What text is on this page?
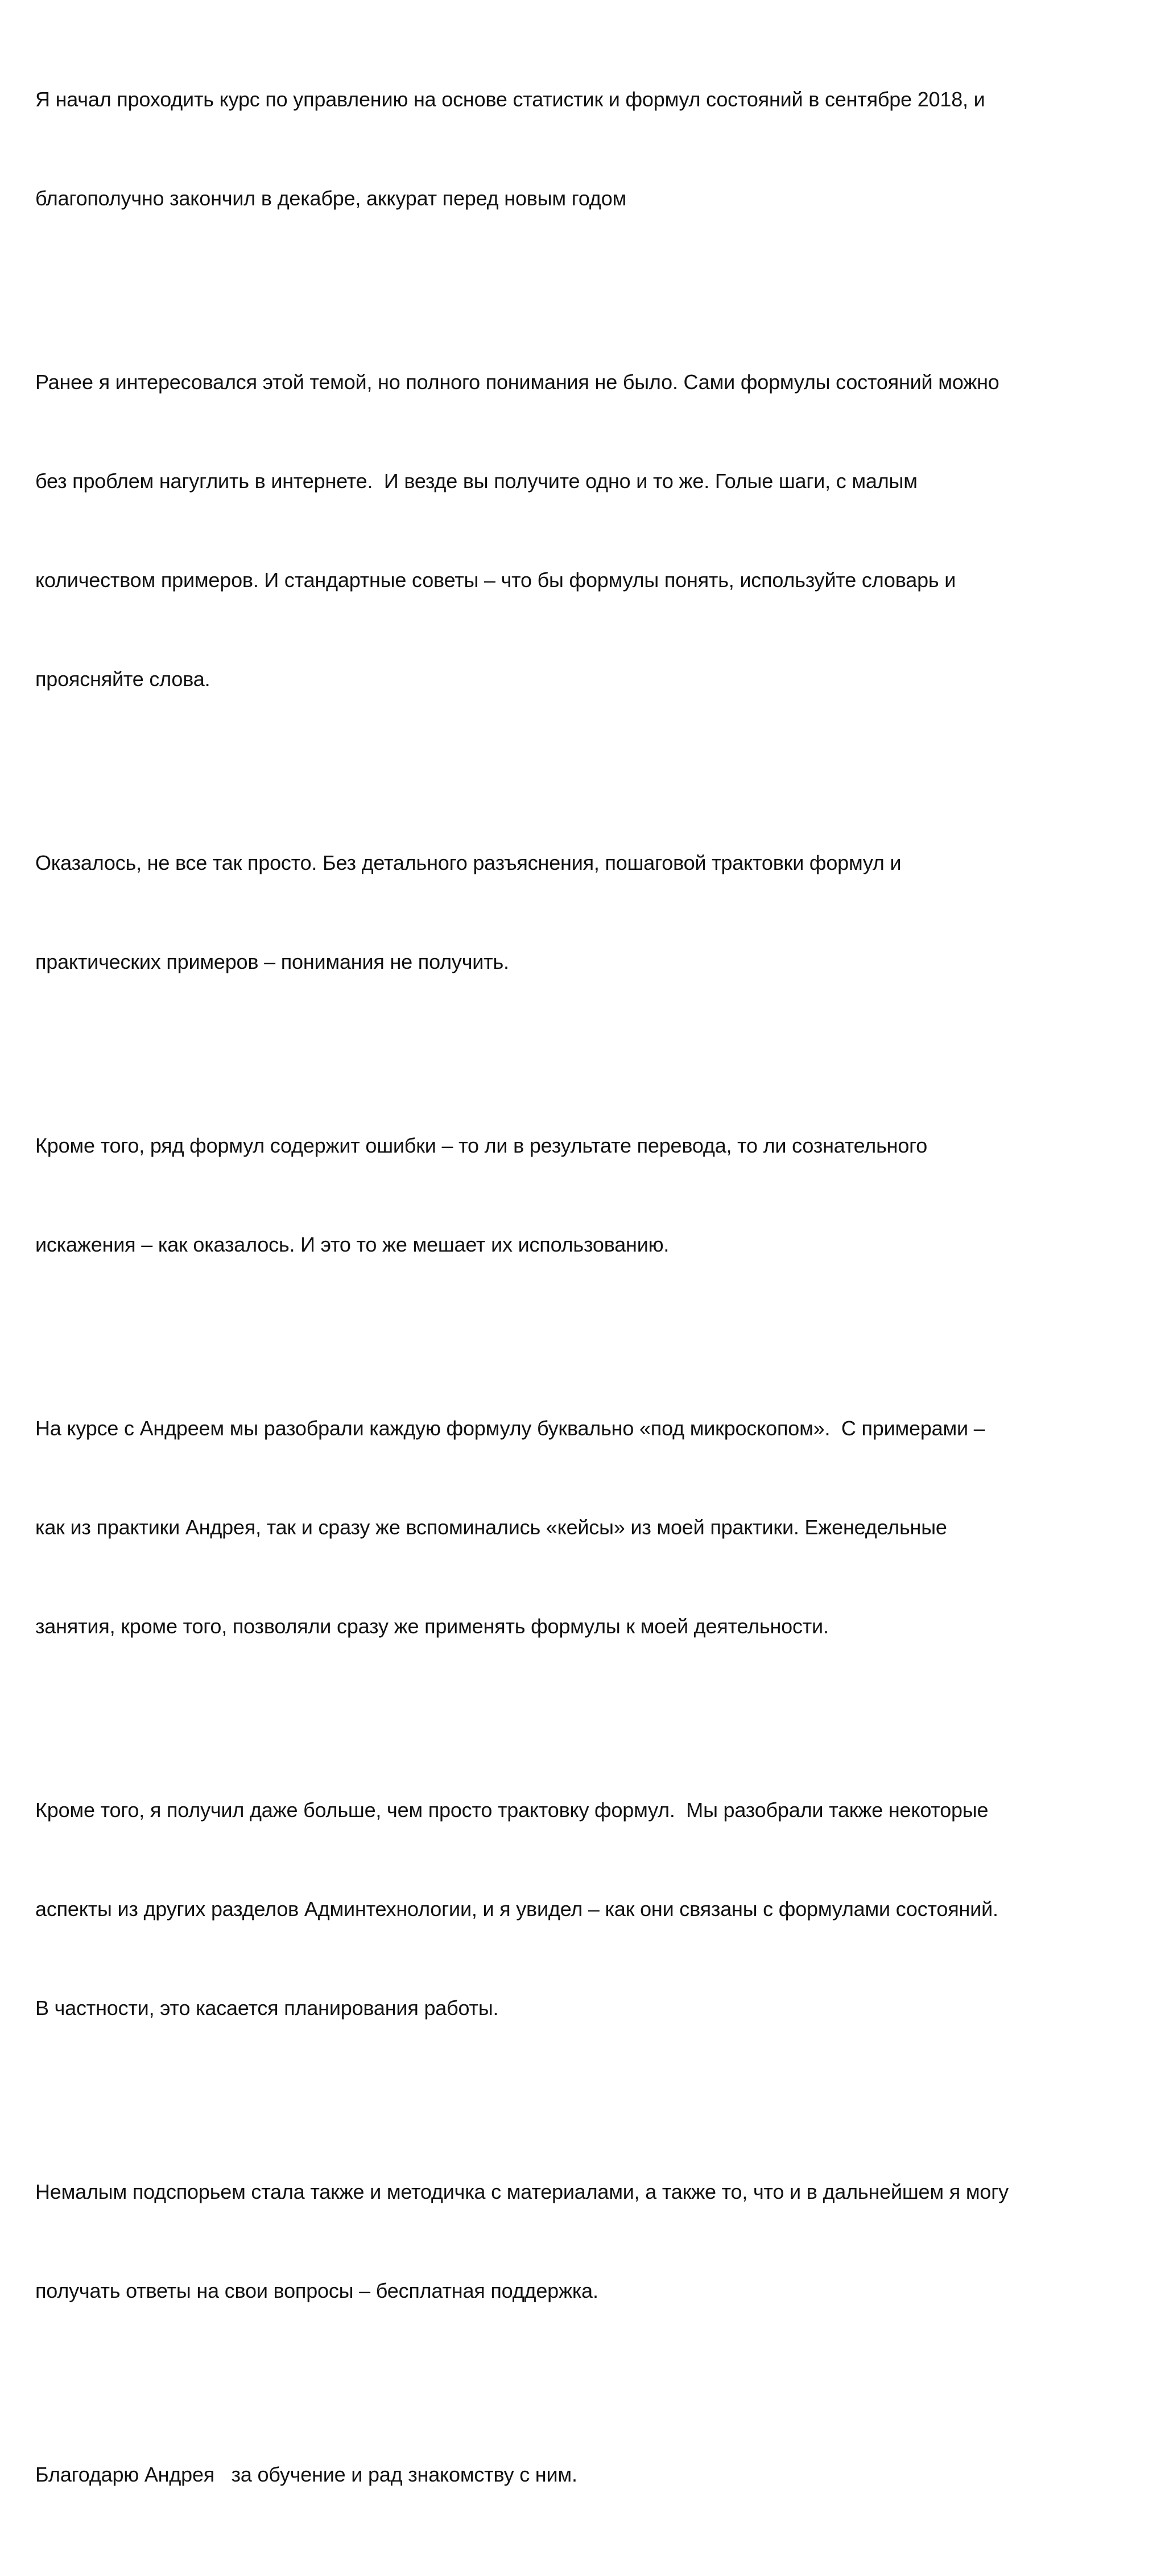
Я начал проходить курс по управлению на основе статистик и формул состояний в сентябре 2018, и

благополучно закончил в декабре, аккурат перед новым годом

Ранее я интересовался этой темой, но полного понимания не было. Сами формулы состояний можно

без проблем нагуглить в интернете.  И везде вы получите одно и то же. Голые шаги, с малым

количеством примеров. И стандартные советы – что бы формулы понять, используйте словарь и

проясняйте слова.

Оказалось, не все так просто. Без детального разъяснения, пошаговой трактовки формул и

практических примеров – понимания не получить.

Кроме того, ряд формул содержит ошибки – то ли в результате перевода, то ли сознательного

искажения – как оказалось. И это то же мешает их использованию.

На курсе с Андреем мы разобрали каждую формулу буквально «под микроскопом».  С примерами –

как из практики Андрея, так и сразу же вспоминались «кейсы» из моей практики. Еженедельные

занятия, кроме того, позволяли сразу же применять формулы к моей деятельности.

Кроме того, я получил даже больше, чем просто трактовку формул.  Мы разобрали также некоторые

аспекты из других разделов Админтехнологии, и я увидел – как они связаны с формулами состояний.

В частности, это касается планирования работы.

Немалым подспорьем стала также и методичка с материалами, а также то, что и в дальнейшем я могу

получать ответы на свои вопросы – бесплатная поддержка.

Благодарю Андрея   за обучение и рад знакомству с ним.
